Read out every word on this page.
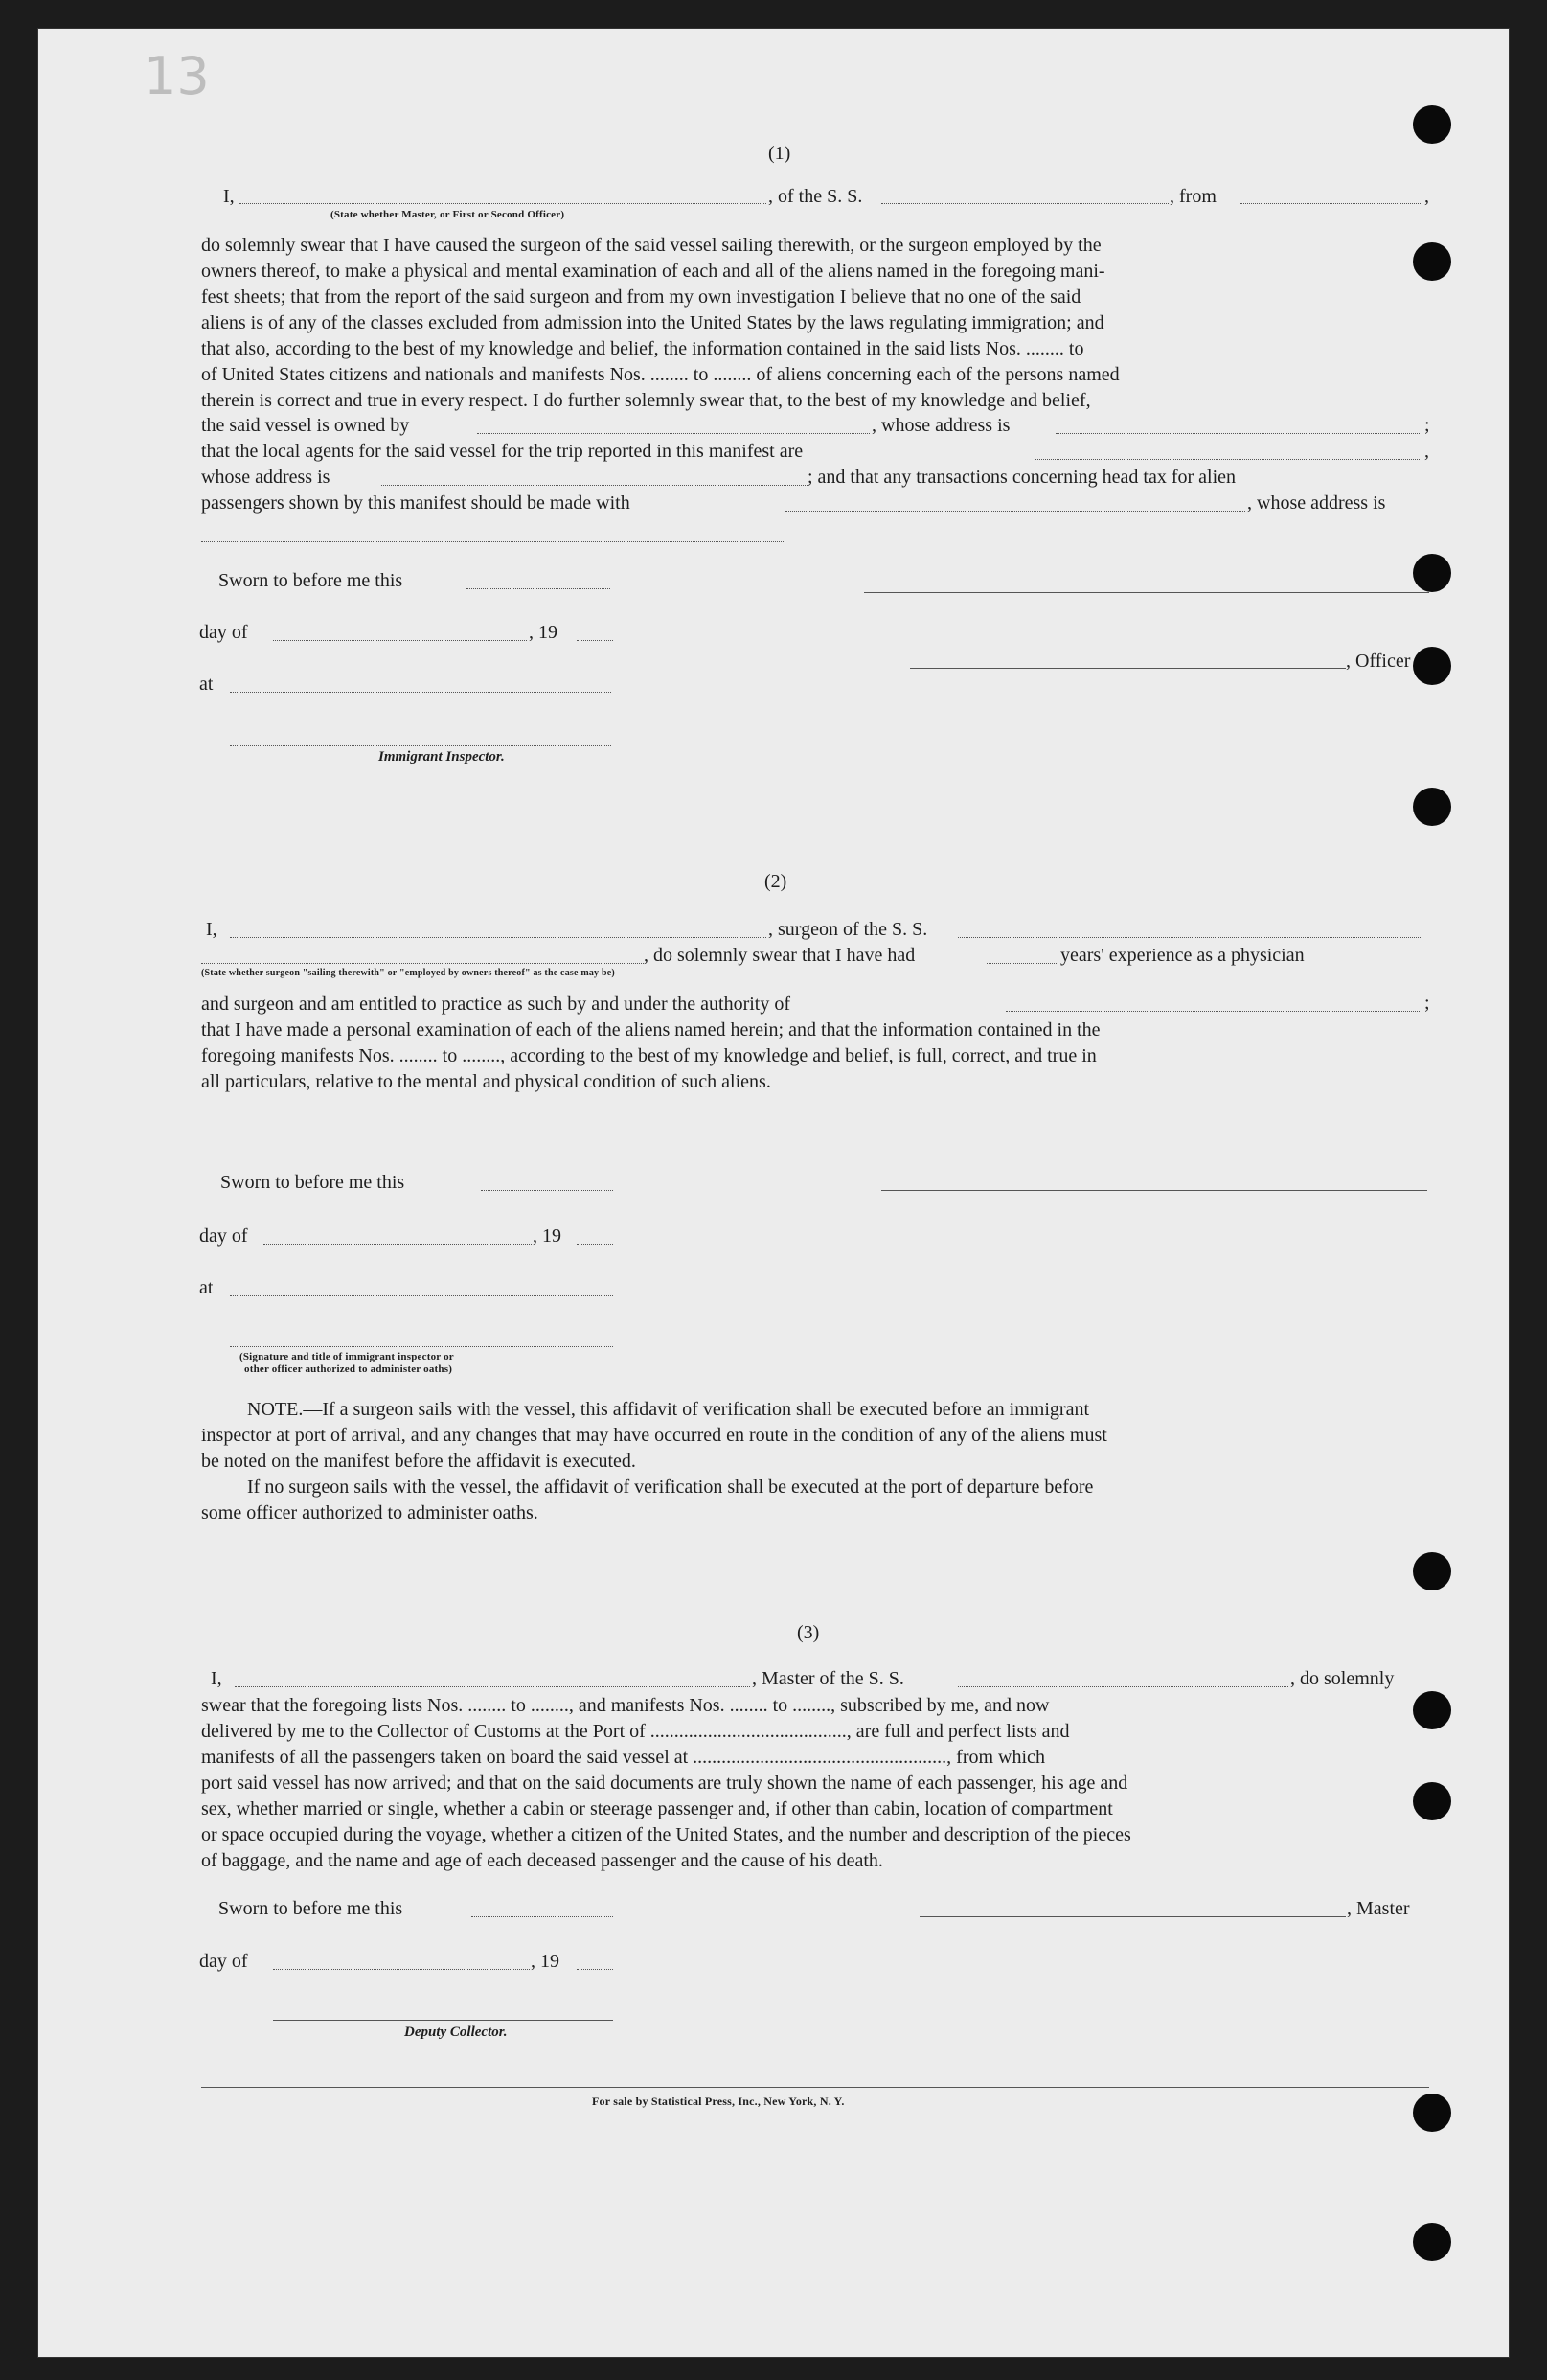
13
(1)
I,	, of the S. S.	, from	,
(State whether Master, or First or Second Officer)
do solemnly swear that I have caused the surgeon of the said vessel sailing therewith, or the surgeon employed by the
owners thereof, to make a physical and mental examination of each and all of the aliens named in the foregoing mani-
fest sheets; that from the report of the said surgeon and from my own investigation I believe that no one of the said
aliens is of any of the classes excluded from admission into the United States by the laws regulating immigration; and
that also, according to the best of my knowledge and belief, the information contained in the said lists Nos. ........ to
of United States citizens and nationals and manifests Nos. ........ to ........ of aliens concerning each of the persons named
therein is correct and true in every respect. I do further solemnly swear that, to the best of my knowledge and belief,
the said vessel is owned by	, whose address is	;
that the local agents for the said vessel for the trip reported in this manifest are	,
whose address is	; and that any transactions concerning head tax for alien
passengers shown by this manifest should be made with	, whose address is
Sworn to before me this
day of	, 19
, Officer
at
Immigrant Inspector.
(2)
I,	, surgeon of the S. S.
, do solemnly swear that I have had	years' experience as a physician
(State whether surgeon "sailing therewith" or "employed by owners thereof" as the case may be)
and surgeon and am entitled to practice as such by and under the authority of
that I have made a personal examination of each of the aliens named herein; and that the information contained in the
foregoing manifests Nos. ........ to ........, according to the best of my knowledge and belief, is full, correct, and true in
all particulars, relative to the mental and physical condition of such aliens.
;
Sworn to before me this
day of	, 19
at
(Signature and title of immigrant inspector or
other officer authorized to administer oaths)
NOTE.—If a surgeon sails with the vessel, this affidavit of verification shall be executed before an immigrant
inspector at port of arrival, and any changes that may have occurred en route in the condition of any of the aliens must
be noted on the manifest before the affidavit is executed.
If no surgeon sails with the vessel, the affidavit of verification shall be executed at the port of departure before
some officer authorized to administer oaths.
(3)
I,	, Master of the S. S.	, do solemnly
swear that the foregoing lists Nos. ........ to ........, and manifests Nos. ........ to ........, subscribed by me, and now
delivered by me to the Collector of Customs at the Port of ........................................., are full and perfect lists and
manifests of all the passengers taken on board the said vessel at ....................................................., from which
port said vessel has now arrived; and that on the said documents are truly shown the name of each passenger, his age and
sex, whether married or single, whether a cabin or steerage passenger and, if other than cabin, location of compartment
or space occupied during the voyage, whether a citizen of the United States, and the number and description of the pieces
of baggage, and the name and age of each deceased passenger and the cause of his death.
Sworn to before me this	, Master
day of	, 19
Deputy Collector.
For sale by Statistical Press, Inc., New York, N. Y.
